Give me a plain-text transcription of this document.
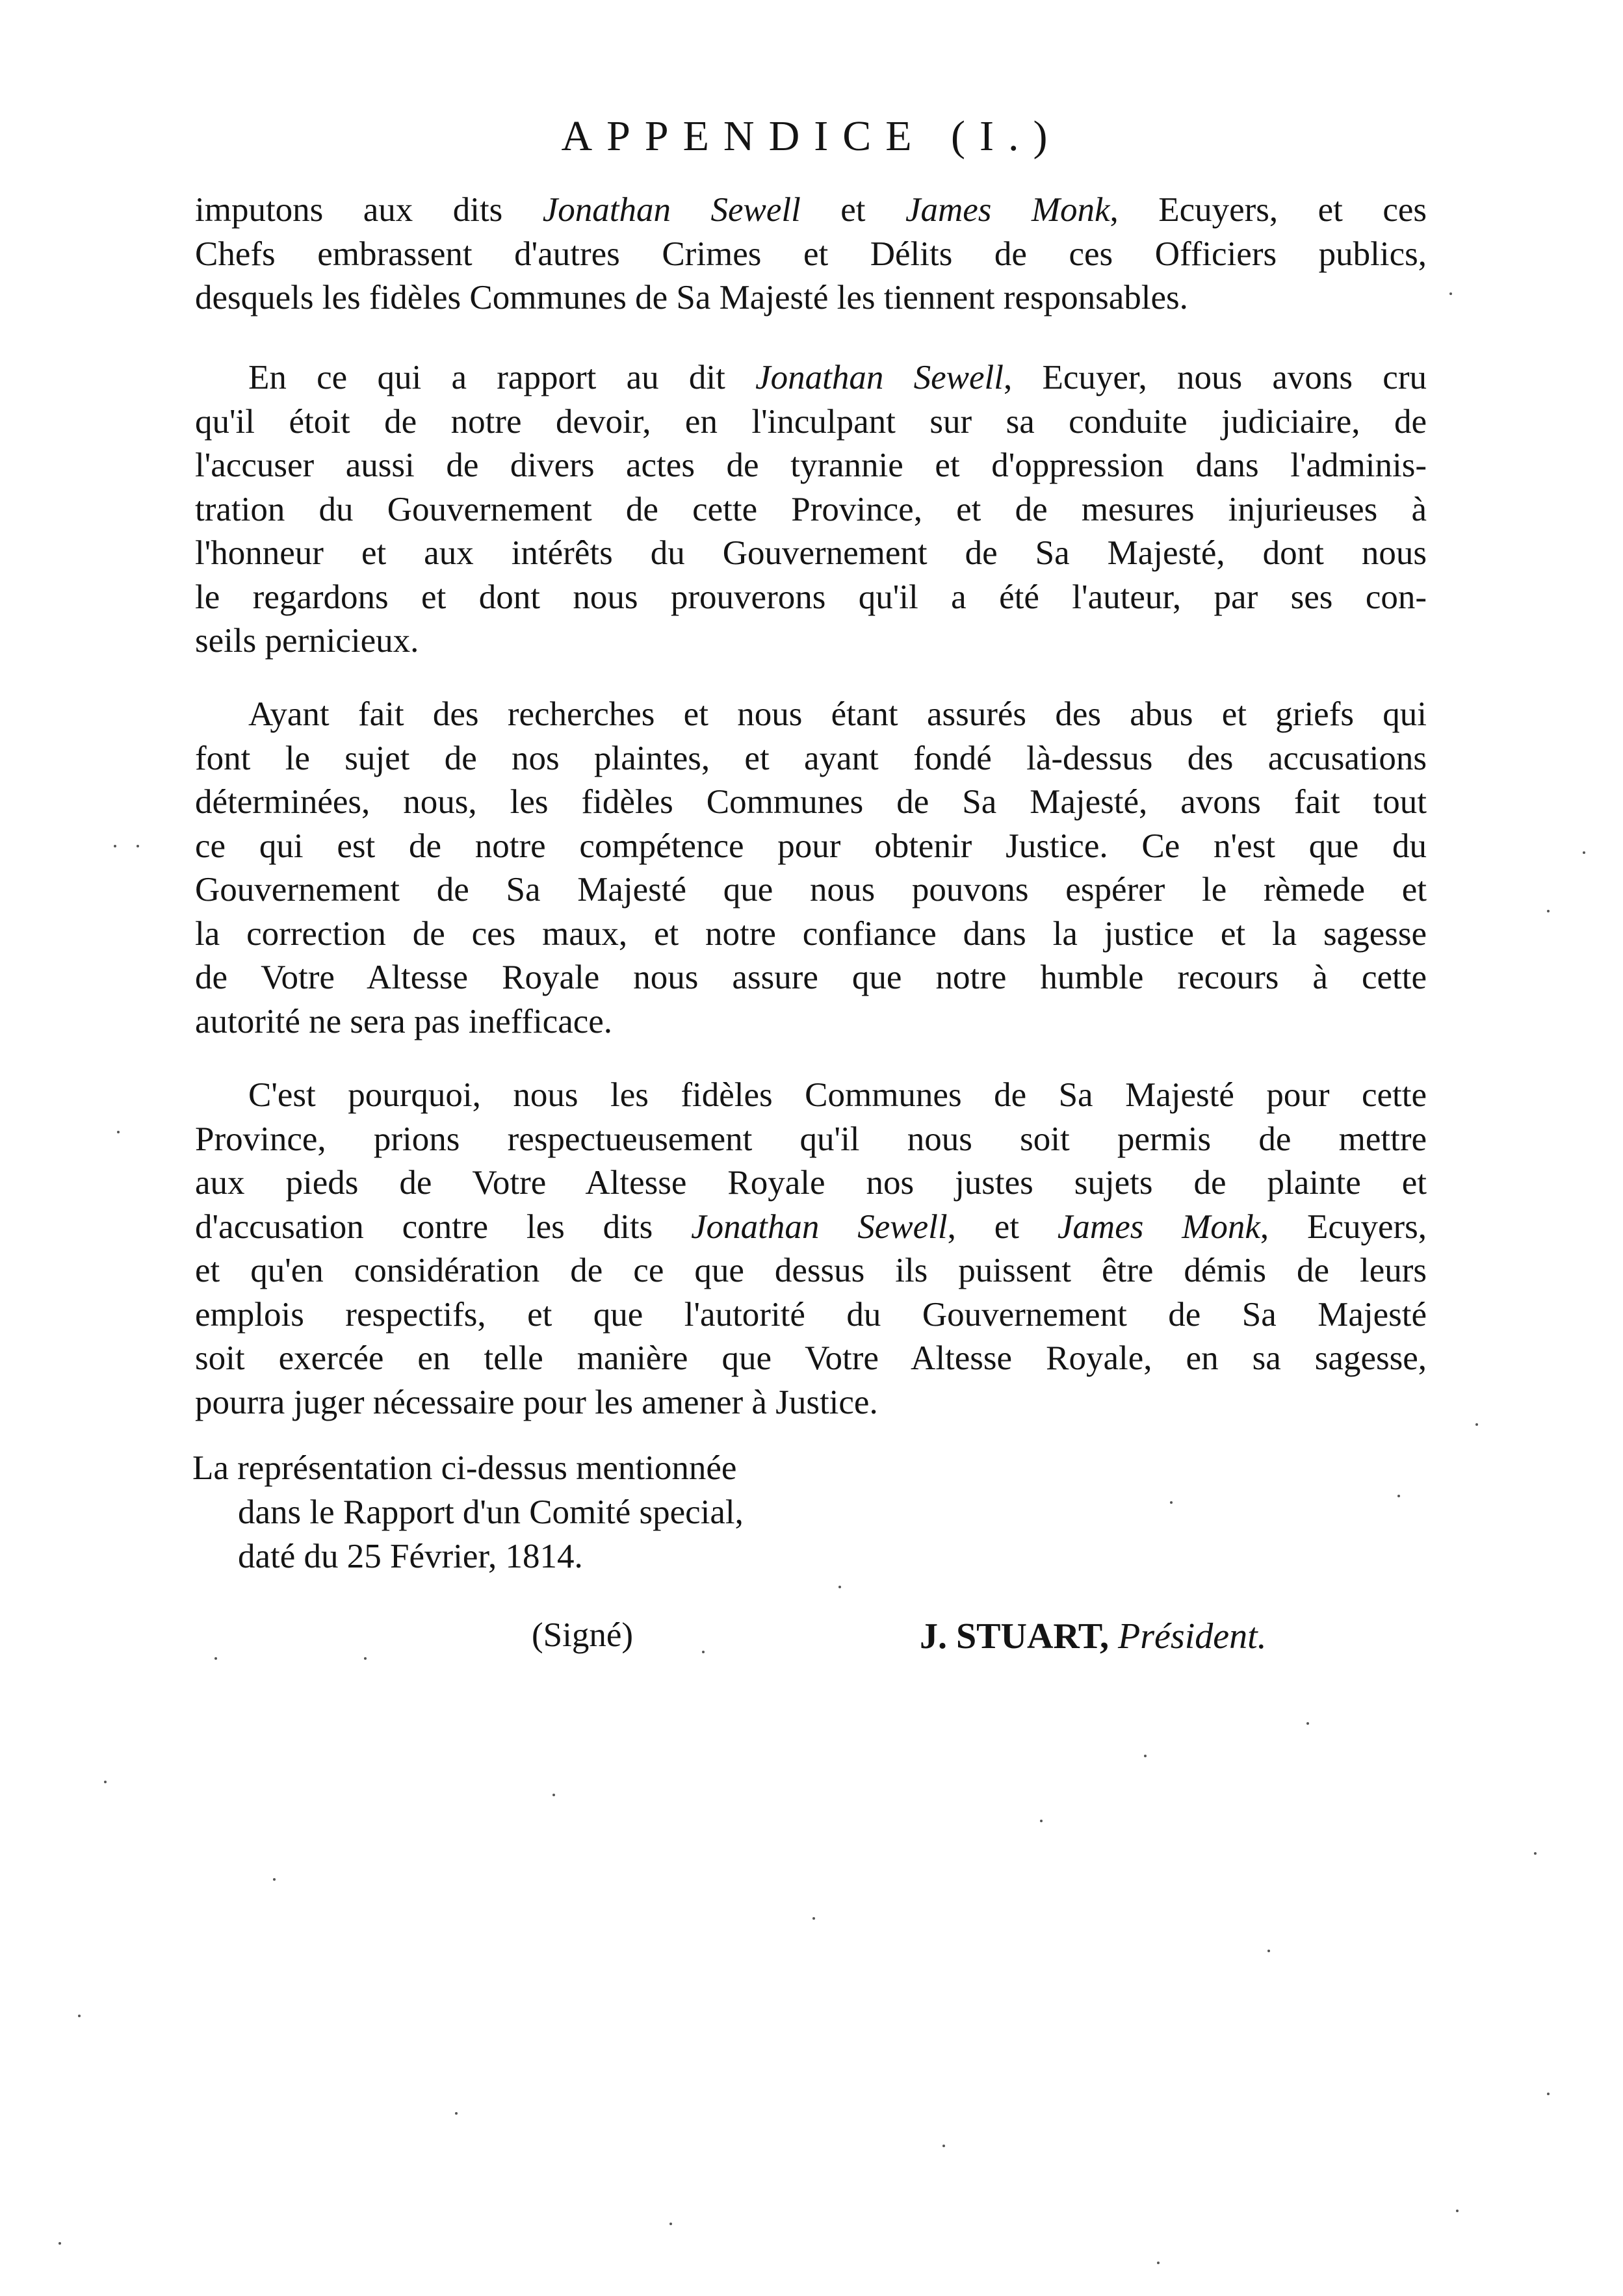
APPENDICE (I.)
imputons aux dits Jonathan Sewell et James Monk, Ecuyers, et ces
Chefs embrassent d'autres Crimes et Délits de ces Officiers publics,
desquels les fidèles Communes de Sa Majesté les tiennent responsables.
En ce qui a rapport au dit Jonathan Sewell, Ecuyer, nous avons cru
qu'il étoit de notre devoir, en l'inculpant sur sa conduite judiciaire, de
l'accuser aussi de divers actes de tyrannie et d'oppression dans l'adminis-
tration du Gouvernement de cette Province, et de mesures injurieuses à
l'honneur et aux intérêts du Gouvernement de Sa Majesté, dont nous
le regardons et dont nous prouverons qu'il a été l'auteur, par ses con-
seils pernicieux.
Ayant fait des recherches et nous étant assurés des abus et griefs qui
font le sujet de nos plaintes, et ayant fondé là-dessus des accusations
déterminées, nous, les fidèles Communes de Sa Majesté, avons fait tout
ce qui est de notre compétence pour obtenir Justice. Ce n'est que du
Gouvernement de Sa Majesté que nous pouvons espérer le rèmede et
la correction de ces maux, et notre confiance dans la justice et la sagesse
de Votre Altesse Royale nous assure que notre humble recours à cette
autorité ne sera pas inefficace.
C'est pourquoi, nous les fidèles Communes de Sa Majesté pour cette
Province, prions respectueusement qu'il nous soit permis de mettre
aux pieds de Votre Altesse Royale nos justes sujets de plainte et
d'accusation contre les dits Jonathan Sewell, et James Monk, Ecuyers,
et qu'en considération de ce que dessus ils puissent être démis de leurs
emplois respectifs, et que l'autorité du Gouvernement de Sa Majesté
soit exercée en telle manière que Votre Altesse Royale, en sa sagesse,
pourra juger nécessaire pour les amener à Justice.
La représentation ci-dessus mentionnée
dans le Rapport d'un Comité special,
daté du 25 Février, 1814.
(Signé)	J. STUART, Président.
